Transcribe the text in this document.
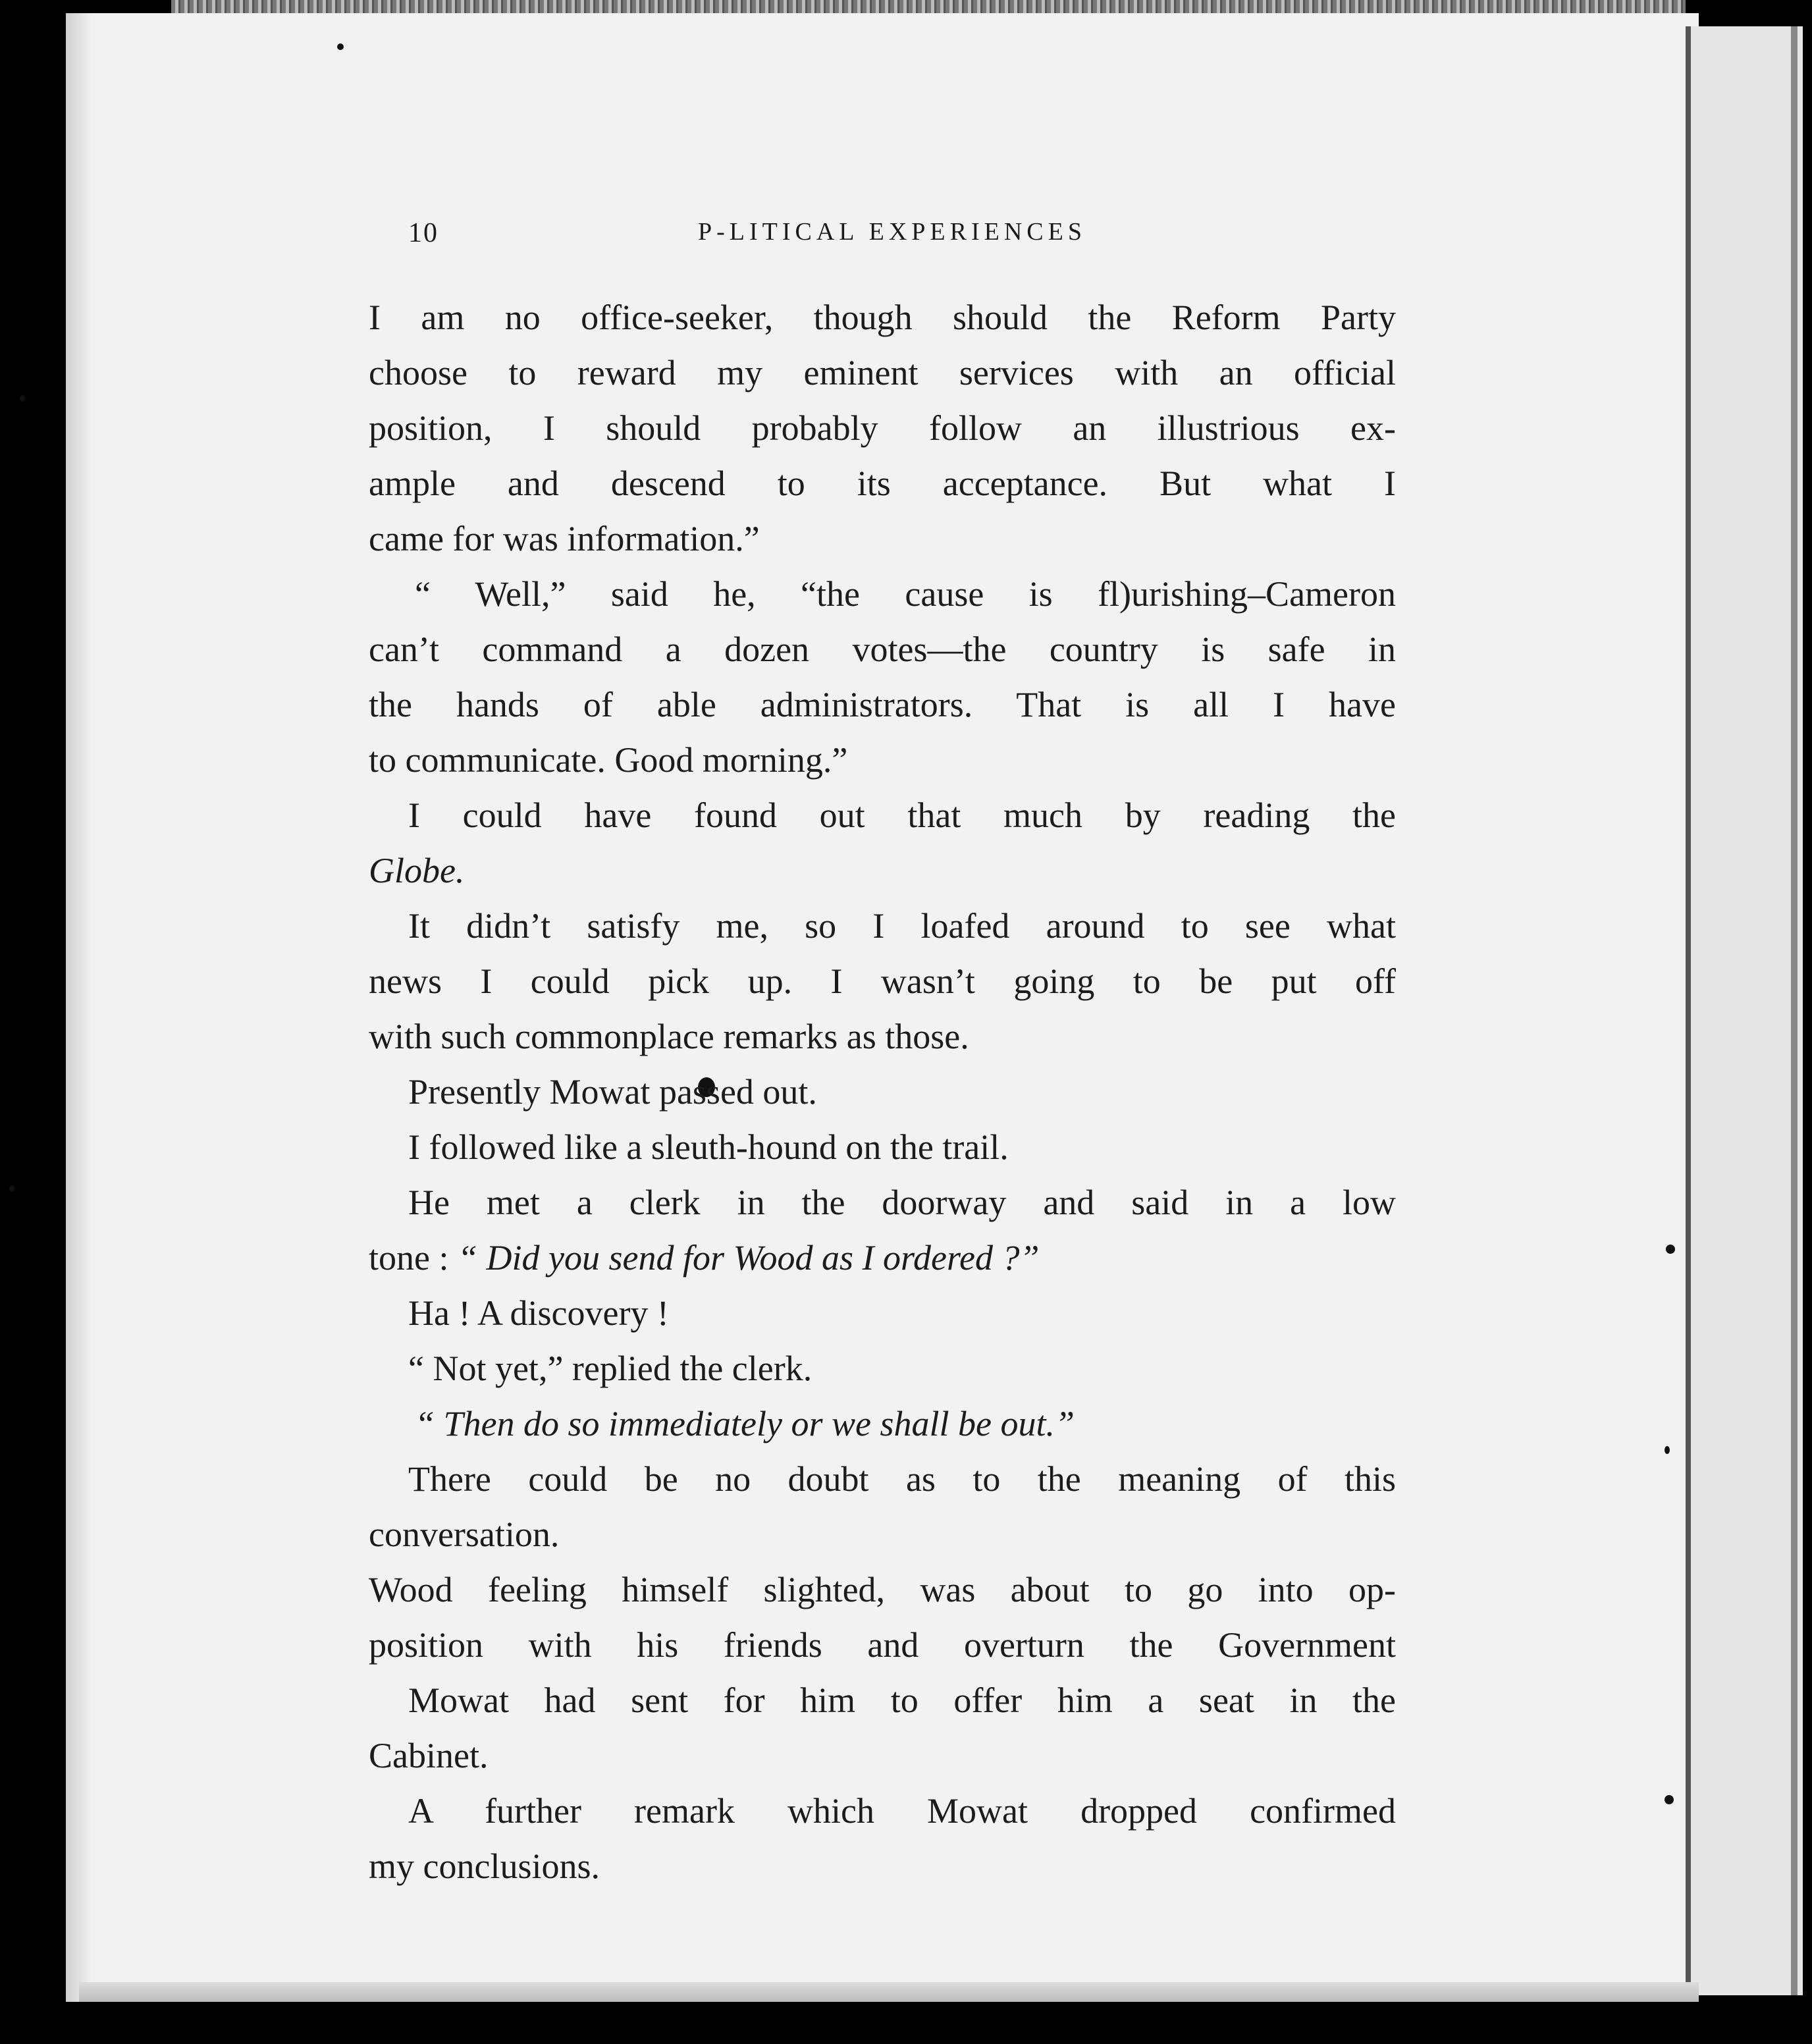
10	P‐LITICAL EXPERIENCES
I am no office-seeker, though should the Reform Party
choose to reward my eminent services with an official
position, I should probably follow an illustrious ex-
ample and descend to its acceptance. But what I
came for was information.”
“ Well,” said he, “the cause is fl)urishing–Cameron
can’t command a dozen votes—the country is safe in
the hands of able administrators. That is all I have
to communicate. Good morning.”
I could have found out that much by reading the
Globe.
It didn’t satisfy me, so I loafed around to see what
news I could pick up. I wasn’t going to be put off
with such commonplace remarks as those.
Presently Mowat passed out.
I followed like a sleuth-hound on the trail.
He met a clerk in the doorway and said in a low
tone : “ Did you send for Wood as I ordered ?”
Ha ! A discovery !
“ Not yet,” replied the clerk.
“ Then do so immediately or we shall be out.”
There could be no doubt as to the meaning of this
conversation.
Wood feeling himself slighted, was about to go into op-
position with his friends and overturn the Government
Mowat had sent for him to offer him a seat in the
Cabinet.
A further remark which Mowat dropped confirmed
my conclusions.
